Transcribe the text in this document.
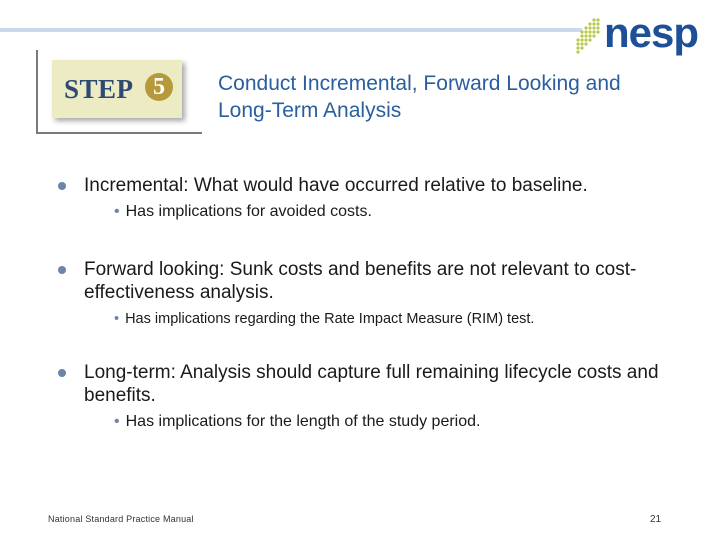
nesp
STEP 5	Conduct Incremental, Forward Looking and Long-Term Analysis
Incremental: What would have occurred relative to baseline.
• Has implications for avoided costs.
Forward looking: Sunk costs and benefits are not relevant to cost-effectiveness analysis.
• Has implications regarding the Rate Impact Measure (RIM) test.
Long-term: Analysis should capture full remaining lifecycle costs and benefits.
• Has implications for the length of the study period.
National Standard Practice Manual	21
